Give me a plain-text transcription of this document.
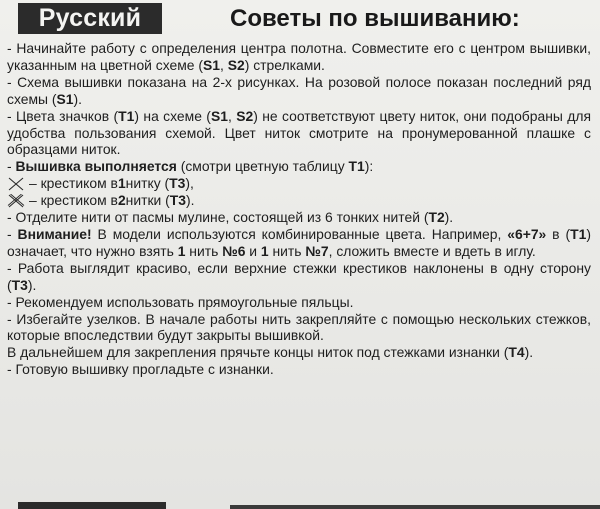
Русский	Советы по вышиванию:

- Начинайте работу с определения центра полотна. Совместите его с центром вышивки, указанным на цветной схеме (S1, S2) стрелками.

- Схема вышивки показана на 2-х рисунках. На розовой полосе показан последний ряд схемы (S1).

- Цвета значков (T1) на схеме (S1, S2) не соответствуют цвету ниток, они подобраны для удобства пользования схемой. Цвет ниток смотрите на пронумерованной плашке с образцами ниток.

- Вышивка выполняется (смотри цветную таблицу T1):

– крестиком в 1 нитку ( T3 ),
– крестиком в 2 нитки ( T3 ).

- Отделите нити от пасмы мулине, состоящей из 6 тонких нитей (T2).

- Внимание! В модели используются комбинированные цвета. Например, «6+7» в (T1) означает, что нужно взять 1 нить №6 и 1 нить №7, сложить вместе и вдеть в иглу.

- Работа выглядит красиво, если верхние стежки крестиков наклонены в одну сторону (T3).

- Рекомендуем использовать прямоугольные пяльцы.

- Избегайте узелков. В начале работы нить закрепляйте с помощью нескольких стежков, которые впоследствии будут закрыты вышивкой.

В дальнейшем для закрепления прячьте концы ниток под стежками изнанки (T4).

- Готовую вышивку прогладьте с изнанки.
